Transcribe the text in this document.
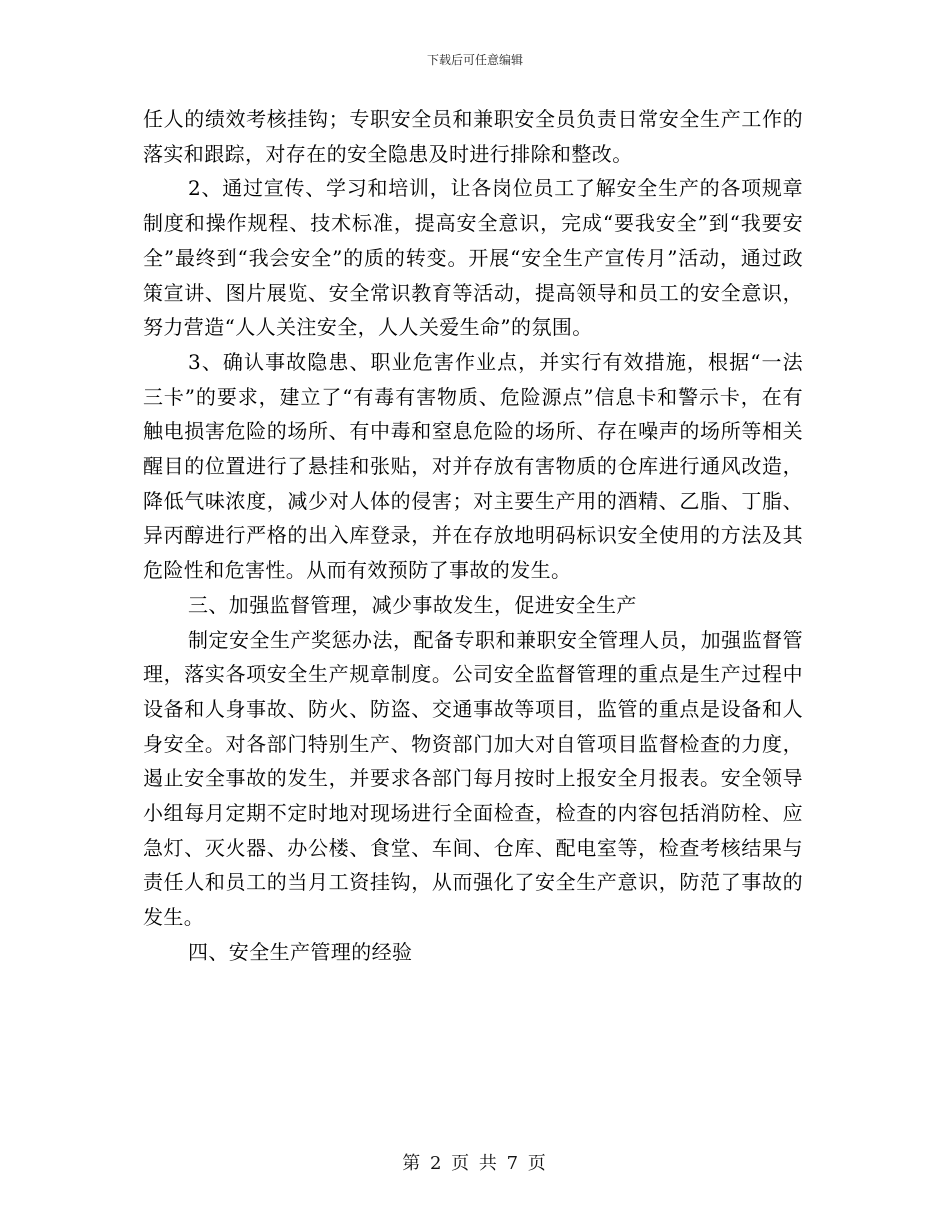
下载后可任意编辑

任人的绩效考核挂钩；专职安全员和兼职安全员负责日常安全生产工作的落实和跟踪，对存在的安全隐患及时进行排除和整改。

2、通过宣传、学习和培训，让各岗位员工了解安全生产的各项规章制度和操作规程、技术标准，提高安全意识，完成“要我安全”到“我要安全”最终到“我会安全”的质的转变。开展“安全生产宣传月”活动，通过政策宣讲、图片展览、安全常识教育等活动，提高领导和员工的安全意识，努力营造“人人关注安全，人人关爱生命”的氛围。

3、确认事故隐患、职业危害作业点，并实行有效措施，根据“一法三卡”的要求，建立了“有毒有害物质、危险源点”信息卡和警示卡，在有触电损害危险的场所、有中毒和窒息危险的场所、存在噪声的场所等相关醒目的位置进行了悬挂和张贴，对并存放有害物质的仓库进行通风改造，降低气味浓度，减少对人体的侵害；对主要生产用的酒精、乙脂、丁脂、异丙醇进行严格的出入库登录，并在存放地明码标识安全使用的方法及其危险性和危害性。从而有效预防了事故的发生。

三、加强监督管理，减少事故发生，促进安全生产

制定安全生产奖惩办法，配备专职和兼职安全管理人员，加强监督管理，落实各项安全生产规章制度。公司安全监督管理的重点是生产过程中设备和人身事故、防火、防盗、交通事故等项目，监管的重点是设备和人身安全。对各部门特别生产、物资部门加大对自管项目监督检查的力度，遏止安全事故的发生，并要求各部门每月按时上报安全月报表。安全领导小组每月定期不定时地对现场进行全面检查，检查的内容包括消防栓、应急灯、灭火器、办公楼、食堂、车间、仓库、配电室等，检查考核结果与责任人和员工的当月工资挂钩，从而强化了安全生产意识，防范了事故的发生。

四、安全生产管理的经验

第 2 页 共 7 页
